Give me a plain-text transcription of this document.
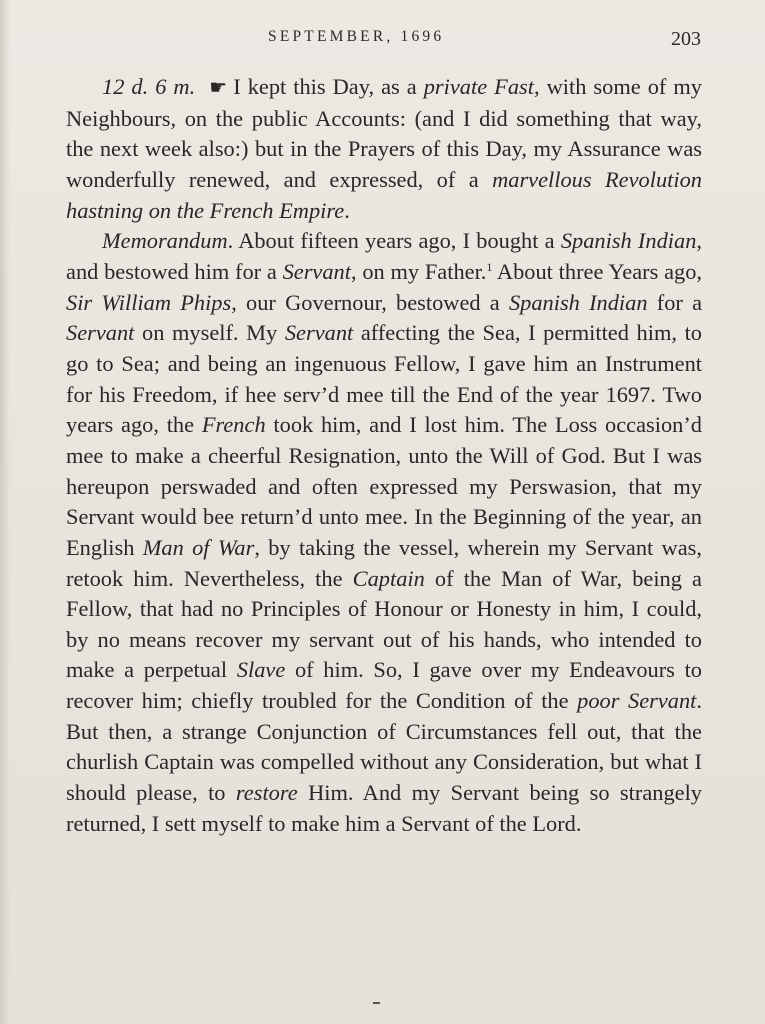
SEPTEMBER, 1696	203

12 d. 6 m. ☛ I kept this Day, as a private Fast, with some of my Neighbours, on the public Accounts: (and I did something that way, the next week also:) but in the Prayers of this Day, my Assurance was wonderfully renewed, and expressed, of a marvellous Revolution hastning on the French Empire.

Memorandum. About fifteen years ago, I bought a Spanish Indian, and bestowed him for a Servant, on my Father.$^1$ About three Years ago, Sir William Phips, our Governour, bestowed a Spanish Indian for a Servant on myself. My Servant affecting the Sea, I permitted him, to go to Sea; and being an ingenuous Fellow, I gave him an Instrument for his Freedom, if hee serv’d mee till the End of the year 1697. Two years ago, the French took him, and I lost him. The Loss occasion’d mee to make a cheerful Resignation, unto the Will of God. But I was hereupon perswaded and often expressed my Perswasion, that my Servant would bee return’d unto mee. In the Beginning of the year, an English Man of War, by taking the vessel, wherein my Servant was, retook him. Nevertheless, the Captain of the Man of War, being a Fellow, that had no Principles of Honour or Honesty in him, I could, by no means recover my servant out of his hands, who intended to make a perpetual Slave of him. So, I gave over my Endeavours to recover him; chiefly troubled for the Condition of the poor Servant. But then, a strange Conjunction of Circumstances fell out, that the churlish Captain was compelled without any Consideration, but what I should please, to restore Him. And my Servant being so strangely returned, I sett myself to make him a Servant of the Lord.
